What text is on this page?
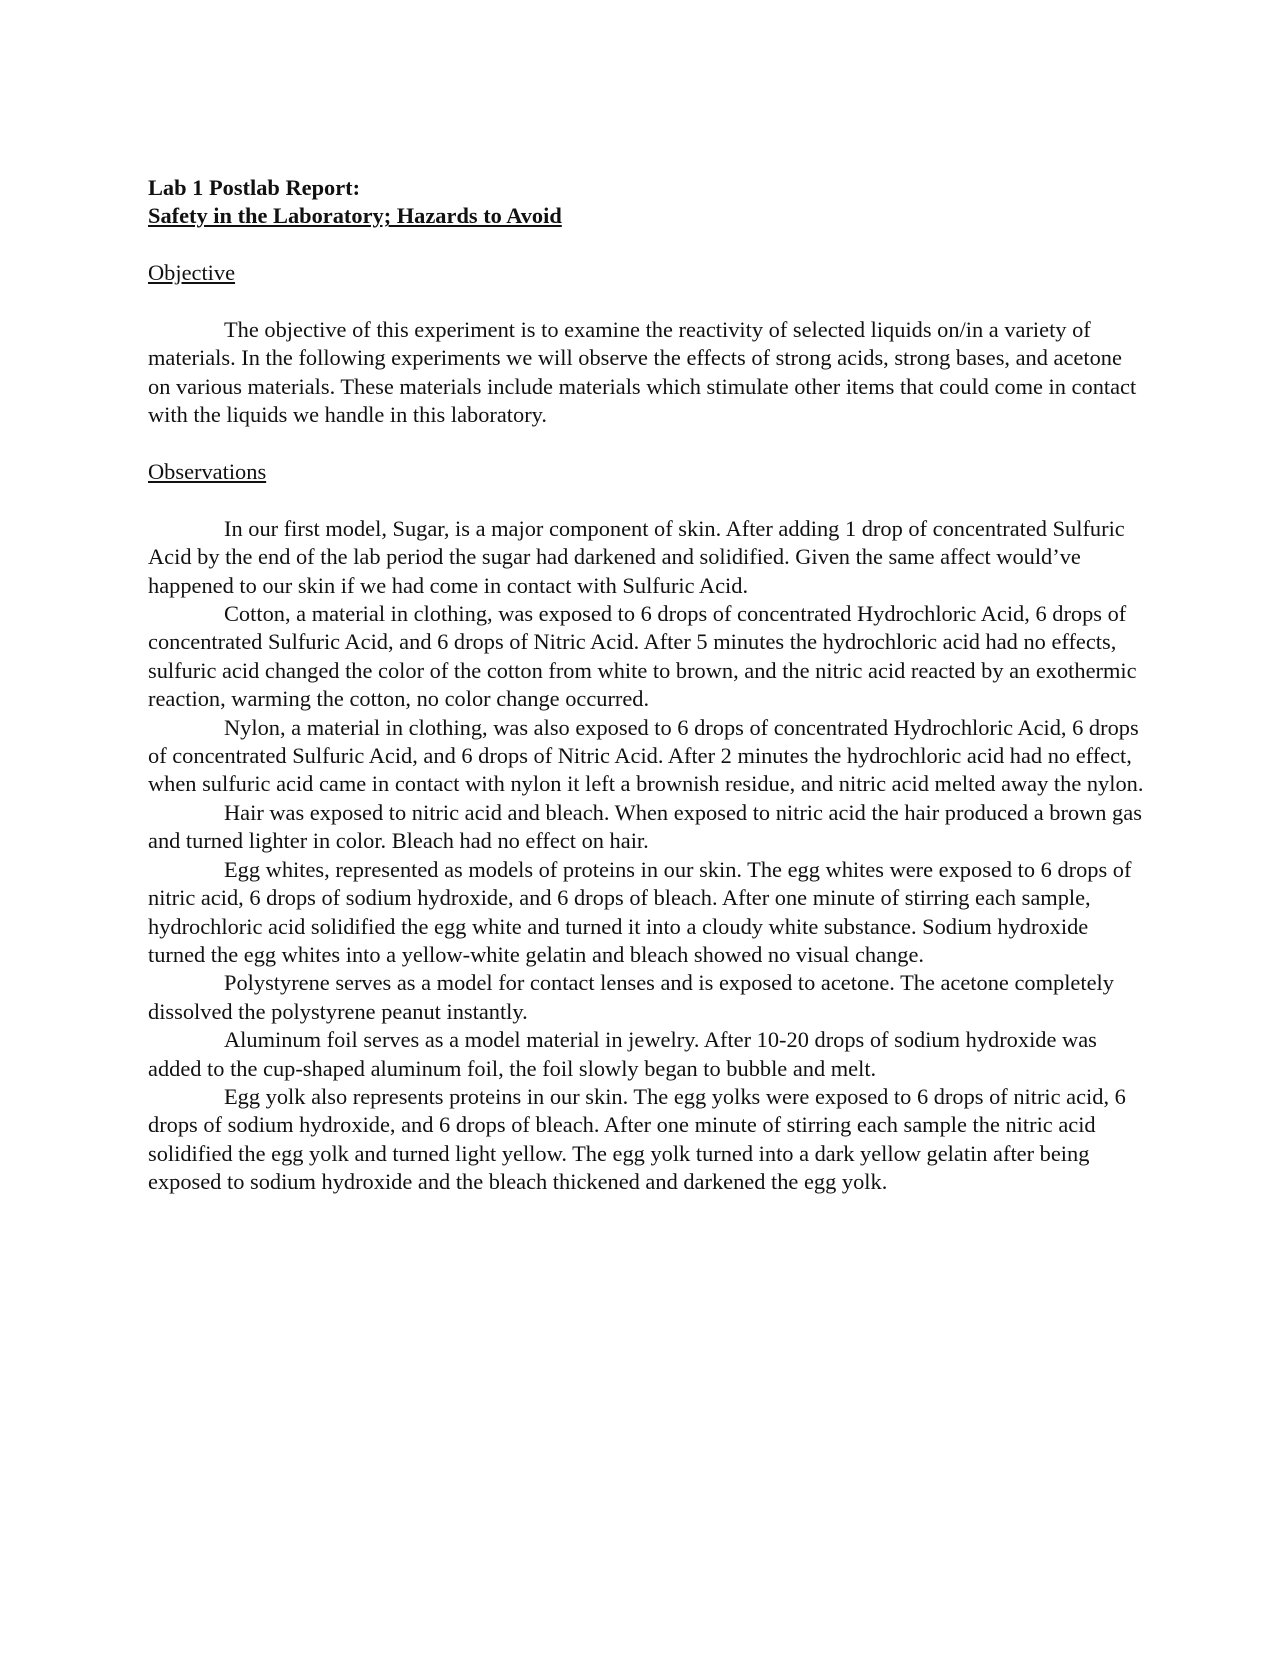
Lab 1 Postlab Report:

Safety in the Laboratory; Hazards to Avoid

Objective

The objective of this experiment is to examine the reactivity of selected liquids on/in a variety of materials. In the following experiments we will observe the effects of strong acids, strong bases, and acetone on various materials. These materials include materials which stimulate other items that could come in contact with the liquids we handle in this laboratory.

Observations

In our first model, Sugar, is a major component of skin. After adding 1 drop of concentrated Sulfuric Acid by the end of the lab period the sugar had darkened and solidified. Given the same affect would’ve happened to our skin if we had come in contact with Sulfuric Acid.

Cotton, a material in clothing, was exposed to 6 drops of concentrated Hydrochloric Acid, 6 drops of concentrated Sulfuric Acid, and 6 drops of Nitric Acid. After 5 minutes the hydrochloric acid had no effects, sulfuric acid changed the color of the cotton from white to brown, and the nitric acid reacted by an exothermic reaction, warming the cotton, no color change occurred.

Nylon, a material in clothing, was also exposed to 6 drops of concentrated Hydrochloric Acid, 6 drops of concentrated Sulfuric Acid, and 6 drops of Nitric Acid. After 2 minutes the hydrochloric acid had no effect, when sulfuric acid came in contact with nylon it left a brownish residue, and nitric acid melted away the nylon.

Hair was exposed to nitric acid and bleach. When exposed to nitric acid the hair produced a brown gas and turned lighter in color. Bleach had no effect on hair.

Egg whites, represented as models of proteins in our skin. The egg whites were exposed to 6 drops of nitric acid, 6 drops of sodium hydroxide, and 6 drops of bleach. After one minute of stirring each sample, hydrochloric acid solidified the egg white and turned it into a cloudy white substance. Sodium hydroxide turned the egg whites into a yellow-white gelatin and bleach showed no visual change.

Polystyrene serves as a model for contact lenses and is exposed to acetone. The acetone completely dissolved the polystyrene peanut instantly.

Aluminum foil serves as a model material in jewelry. After 10-20 drops of sodium hydroxide was added to the cup-shaped aluminum foil, the foil slowly began to bubble and melt.

Egg yolk also represents proteins in our skin. The egg yolks were exposed to 6 drops of nitric acid, 6 drops of sodium hydroxide, and 6 drops of bleach. After one minute of stirring each sample the nitric acid solidified the egg yolk and turned light yellow. The egg yolk turned into a dark yellow gelatin after being exposed to sodium hydroxide and the bleach thickened and darkened the egg yolk.
